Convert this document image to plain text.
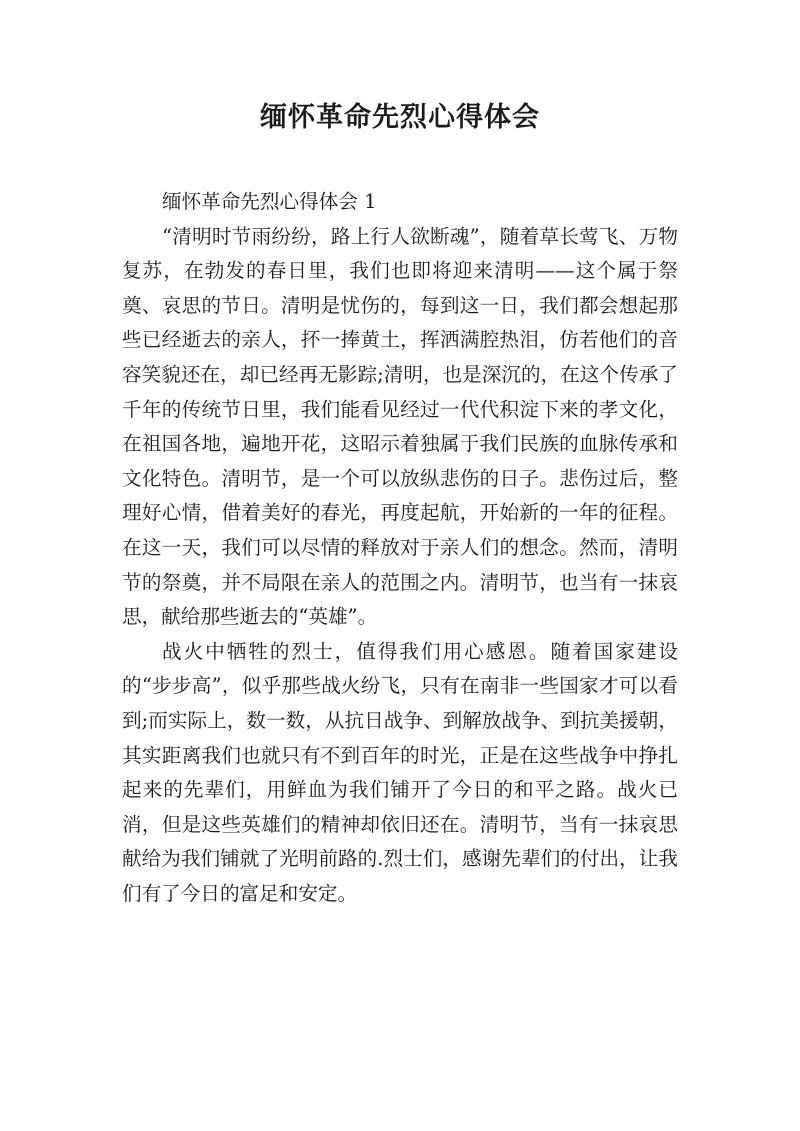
缅怀革命先烈心得体会

缅怀革命先烈心得体会 1

“清明时节雨纷纷，路上行人欲断魂”，随着草长莺飞、万物复苏，在勃发的春日里，我们也即将迎来清明——这个属于祭奠、哀思的节日。清明是忧伤的，每到这一日，我们都会想起那些已经逝去的亲人，抔一捧黄土，挥洒满腔热泪，仿若他们的音容笑貌还在，却已经再无影踪;清明，也是深沉的，在这个传承了千年的传统节日里，我们能看见经过一代代积淀下来的孝文化，在祖国各地，遍地开花，这昭示着独属于我们民族的血脉传承和文化特色。清明节，是一个可以放纵悲伤的日子。悲伤过后，整理好心情，借着美好的春光，再度起航，开始新的一年的征程。在这一天，我们可以尽情的释放对于亲人们的想念。然而，清明节的祭奠，并不局限在亲人的范围之内。清明节，也当有一抹哀思，献给那些逝去的“英雄”。

战火中牺牲的烈士，值得我们用心感恩。随着国家建设的“步步高”，似乎那些战火纷飞，只有在南非一些国家才可以看到;而实际上，数一数，从抗日战争、到解放战争、到抗美援朝，其实距离我们也就只有不到百年的时光，正是在这些战争中挣扎起来的先辈们，用鲜血为我们铺开了今日的和平之路。战火已消，但是这些英雄们的精神却依旧还在。清明节，当有一抹哀思献给为我们铺就了光明前路的.烈士们，感谢先辈们的付出，让我们有了今日的富足和安定。
